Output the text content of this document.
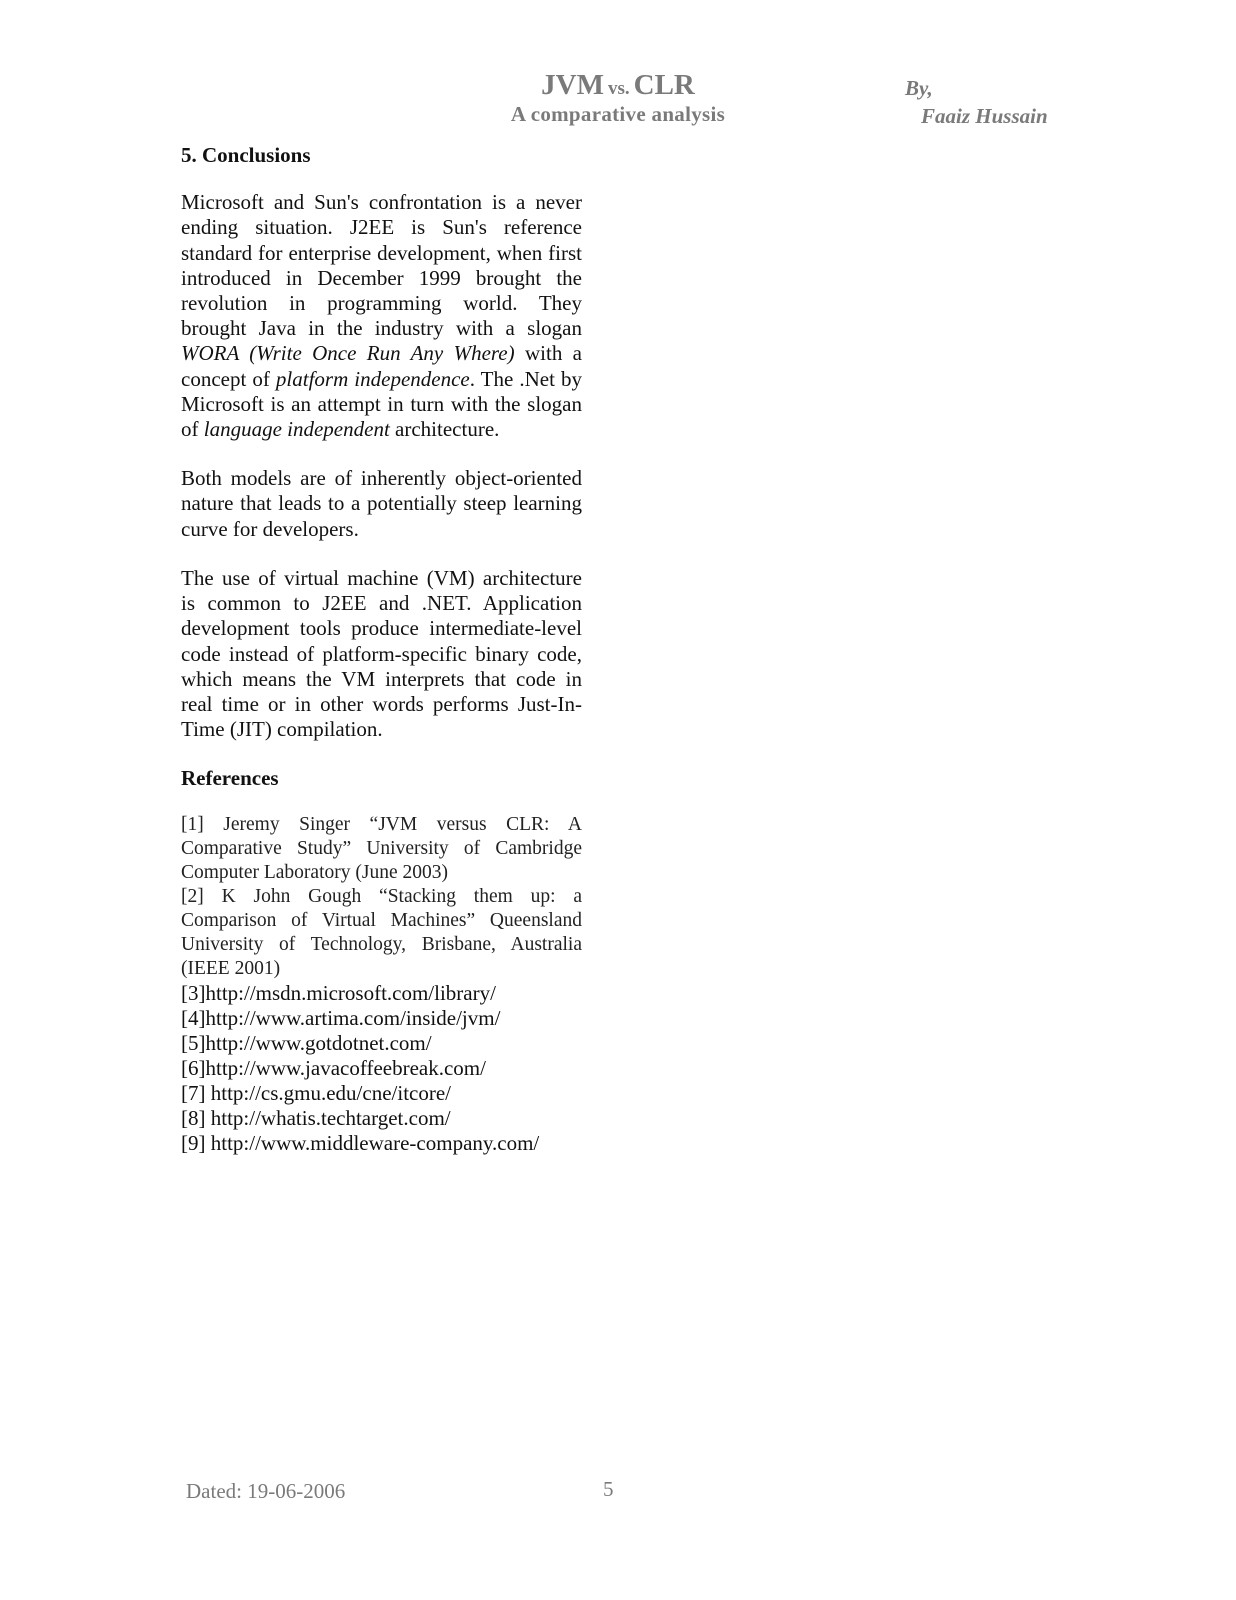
JVM vs. CLR
A comparative analysis
By,
Faaiz Hussain
5. Conclusions

Microsoft and Sun's confrontation is a never ending situation. J2EE is Sun's reference standard for enterprise development, when first introduced in December 1999 brought the revolution in programming world. They brought Java in the industry with a slogan WORA (Write Once Run Any Where) with a concept of platform independence. The .Net by Microsoft is an attempt in turn with the slogan of language independent architecture.

Both models are of inherently object-oriented nature that leads to a potentially steep learning curve for developers.

The use of virtual machine (VM) architecture is common to J2EE and .NET. Application development tools produce intermediate-level code instead of platform-specific binary code, which means the VM interprets that code in real time or in other words performs Just-In-Time (JIT) compilation.

References
[1] Jeremy Singer “JVM versus CLR: A Comparative Study” University of Cambridge Computer Laboratory (June 2003)
[2] K John Gough “Stacking them up: a Comparison of Virtual Machines” Queensland University of Technology, Brisbane, Australia (IEEE 2001)
[3]http://msdn.microsoft.com/library/
[4]http://www.artima.com/inside/jvm/
[5]http://www.gotdotnet.com/
[6]http://www.javacoffeebreak.com/
[7] http://cs.gmu.edu/cne/itcore/
[8] http://whatis.techtarget.com/
[9] http://www.middleware-company.com/
Dated: 19-06-2006	5
